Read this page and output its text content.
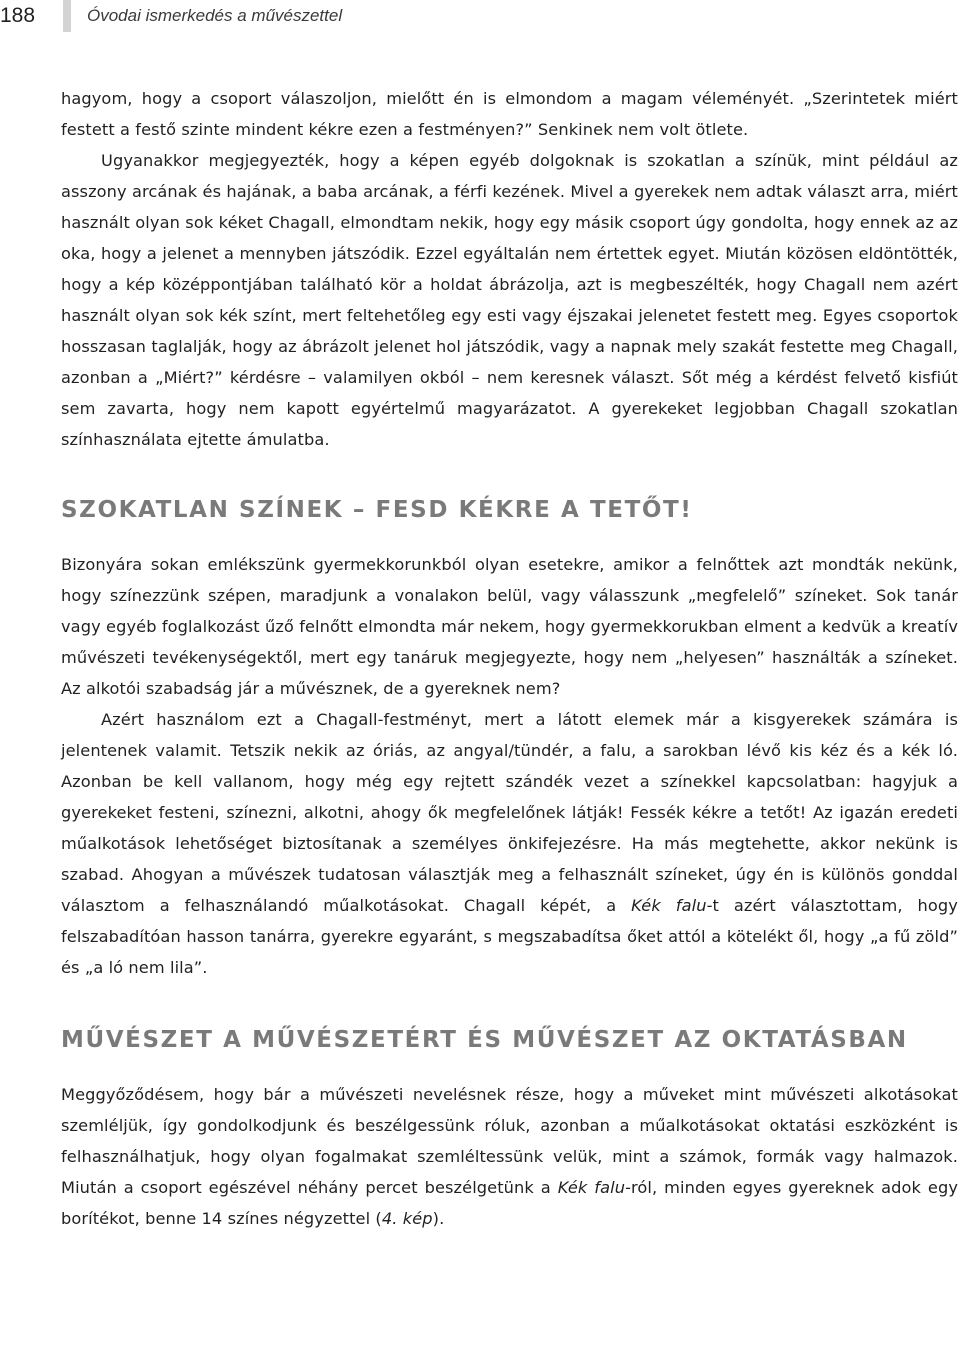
188	Óvodai ismerkedés a művészettel

hagyom, hogy a csoport válaszoljon, mielőtt én is elmondom a magam véleményét. „Szerintetek miért festett a festő szinte mindent kékre ezen a festményen?” Senkinek nem volt ötlete.

Ugyanakkor megjegyezték, hogy a képen egyéb dolgoknak is szokatlan a színük, mint például az asszony arcának és hajának, a baba arcának, a férfi kezének. Mivel a gyerekek nem adtak választ arra, miért használt olyan sok kéket Chagall, elmondtam nekik, hogy egy másik csoport úgy gondolta, hogy ennek az az oka, hogy a jelenet a mennyben játszódik. Ezzel egyáltalán nem értettek egyet. Miután közösen eldöntötték, hogy a kép középpontjában található kör a holdat ábrázolja, azt is megbeszélték, hogy Chagall nem azért használt olyan sok kék színt, mert feltehetőleg egy esti vagy éjszakai jelenetet festett meg. Egyes csoportok hosszasan taglalják, hogy az ábrázolt jelenet hol játszódik, vagy a napnak mely szakát festette meg Chagall, azonban a „Miért?” kérdésre – valamilyen okból – nem keresnek választ. Sőt még a kérdést felvető kisfiút sem zavarta, hogy nem kapott egyértelmű magyarázatot. A gyerekeket legjobban Chagall szokatlan színhasználata ejtette ámulatba.

SZOKATLAN SZÍNEK – FESD KÉKRE A TETŐT!

Bizonyára sokan emlékszünk gyermekkorunkból olyan esetekre, amikor a felnőttek azt mondták nekünk, hogy színezzünk szépen, maradjunk a vonalakon belül, vagy válasszunk „megfelelő” színeket. Sok tanár vagy egyéb foglalkozást űző felnőtt elmondta már nekem, hogy gyermekkorukban elment a kedvük a kreatív művészeti tevékenységektől, mert egy tanáruk megjegyezte, hogy nem „helyesen” használták a színeket. Az alkotói szabadság jár a művésznek, de a gyereknek nem?

Azért használom ezt a Chagall-festményt, mert a látott elemek már a kisgyerekek számára is jelentenek valamit. Tetszik nekik az óriás, az angyal/tündér, a falu, a sarokban lévő kis kéz és a kék ló. Azonban be kell vallanom, hogy még egy rejtett szándék vezet a színekkel kapcsolatban: hagyjuk a gyerekeket festeni, színezni, alkotni, ahogy ők megfelelőnek látják! Fessék kékre a tetőt! Az igazán eredeti műalkotások lehetőséget biztosítanak a személyes önkifejezésre. Ha más megtehette, akkor nekünk is szabad. Ahogyan a művészek tudatosan választják meg a felhasznált színeket, úgy én is különös gonddal választom a felhasználandó műalkotásokat. Chagall képét, a Kék falu-t azért választottam, hogy felszabadítóan hasson tanárra, gyerekre egyaránt, s megszabadítsa őket attól a kötelékt ől, hogy „a fű zöld” és „a ló nem lila”.

MŰVÉSZET A MŰVÉSZETÉRT ÉS MŰVÉSZET AZ OKTATÁSBAN

Meggyőződésem, hogy bár a művészeti nevelésnek része, hogy a műveket mint művészeti alkotásokat szemléljük, így gondolkodjunk és beszélgessünk róluk, azonban a műalkotásokat oktatási eszközként is felhasználhatjuk, hogy olyan fogalmakat szemléltessünk velük, mint a számok, formák vagy halmazok. Miután a csoport egészével néhány percet beszélgetünk a Kék falu-ról, minden egyes gyereknek adok egy borítékot, benne 14 színes négyzettel (4. kép).
